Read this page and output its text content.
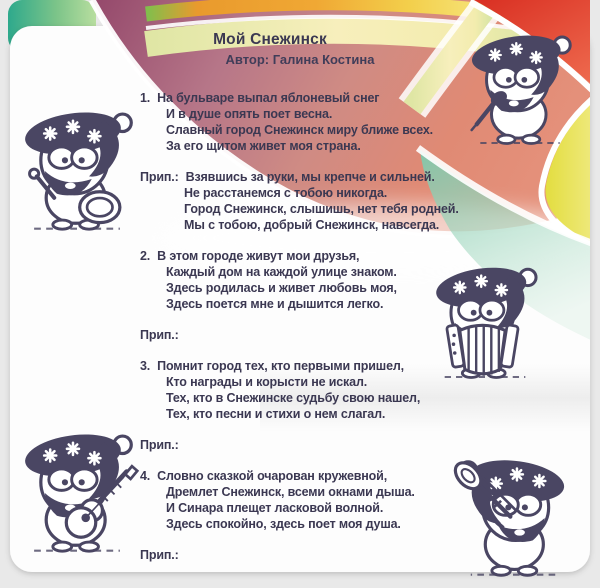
Мой Снежинск
Автор: Галина Костина
1. На бульваре выпал яблоневый снег
И в душе опять поет весна.
Славный город Снежинск миру ближе всех.
За его щитом живет моя страна.
Прип.: Взявшись за руки, мы крепче и сильней.
Не расстанемся с тобою никогда.
Город Снежинск, слышишь, нет тебя родней.
Мы с тобою, добрый Снежинск, навсегда.
2. В этом городе живут мои друзья,
Каждый дом на каждой улице знаком.
Здесь родилась и живет любовь моя,
Здесь поется мне и дышится легко.
Прип.:
3. Помнит город тех, кто первыми пришел,
Кто награды и корысти не искал.
Тех, кто в Снежинске судьбу свою нашел,
Тех, кто песни и стихи о нем слагал.
Прип.:
4. Словно сказкой очарован кружевной,
Дремлет Снежинск, всеми окнами дыша.
И Синара плещет ласковой волной.
Здесь спокойно, здесь поет моя душа.
Прип.:
